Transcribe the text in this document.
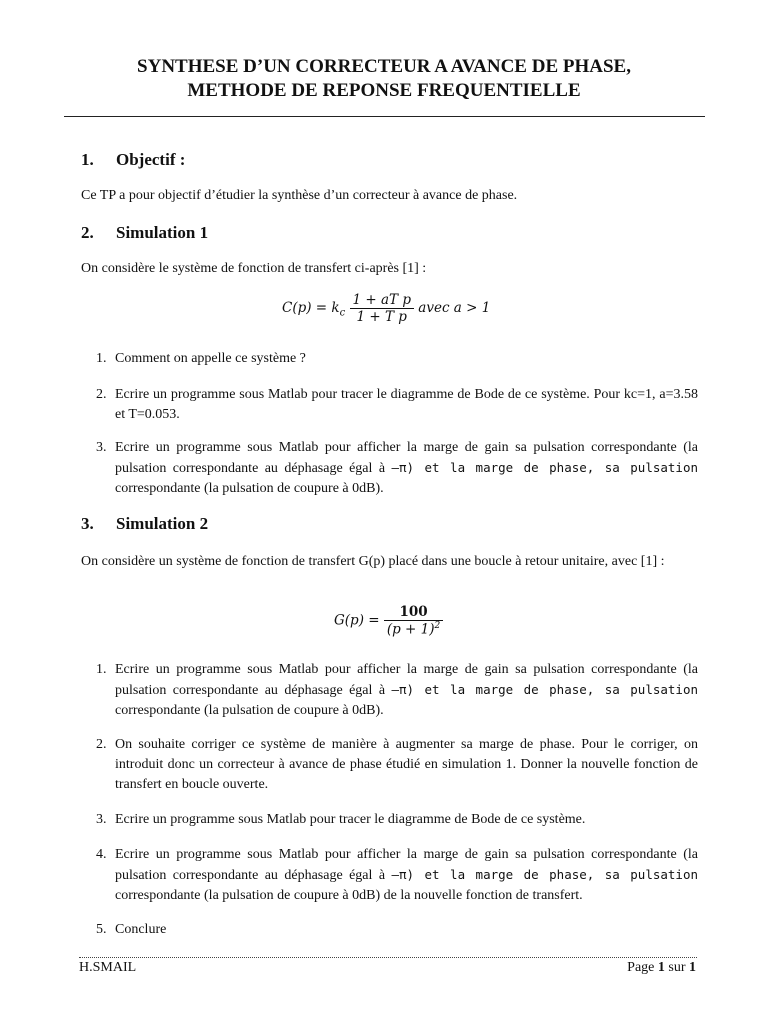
SYNTHESE D’UN CORRECTEUR A AVANCE DE PHASE,
METHODE DE REPONSE FREQUENTIELLE
1. Objectif :
Ce TP a pour objectif d’étudier la synthèse d’un correcteur à avance de phase.
2. Simulation 1
On considère le système de fonction de transfert ci-après [1] :
$C(p) = k_c \frac{\text{1 + aT p}}{\text{1 + T p}}$ avec a > 1
1. Comment on appelle ce système ?
2. Ecrire un programme sous Matlab pour tracer le diagramme de Bode de ce système. Pour kc=1, a=3.58 et T=0.053.
3. Ecrire un programme sous Matlab pour afficher la marge de gain sa pulsation correspondante (la pulsation correspondante au déphasage égal à –π) et la marge de phase, sa pulsation correspondante (la pulsation de coupure à 0dB).
3. Simulation 2
On considère un système de fonction de transfert G(p) placé dans une boucle à retour unitaire, avec [1] :
$G(p) = \frac{100}{(p + 1)^2}$
1. Ecrire un programme sous Matlab pour afficher la marge de gain sa pulsation correspondante (la pulsation correspondante au déphasage égal à –π) et la marge de phase, sa pulsation correspondante (la pulsation de coupure à 0dB).
2. On souhaite corriger ce système de manière à augmenter sa marge de phase. Pour le corriger, on introduit donc un correcteur à avance de phase étudié en simulation 1. Donner la nouvelle fonction de transfert en boucle ouverte.
3. Ecrire un programme sous Matlab pour tracer le diagramme de Bode de ce système.
4. Ecrire un programme sous Matlab pour afficher la marge de gain sa pulsation correspondante (la pulsation correspondante au déphasage égal à –π) et la marge de phase, sa pulsation correspondante (la pulsation de coupure à 0dB) de la nouvelle fonction de transfert.
5. Conclure
H.SMAIL	Page 1 sur 1
